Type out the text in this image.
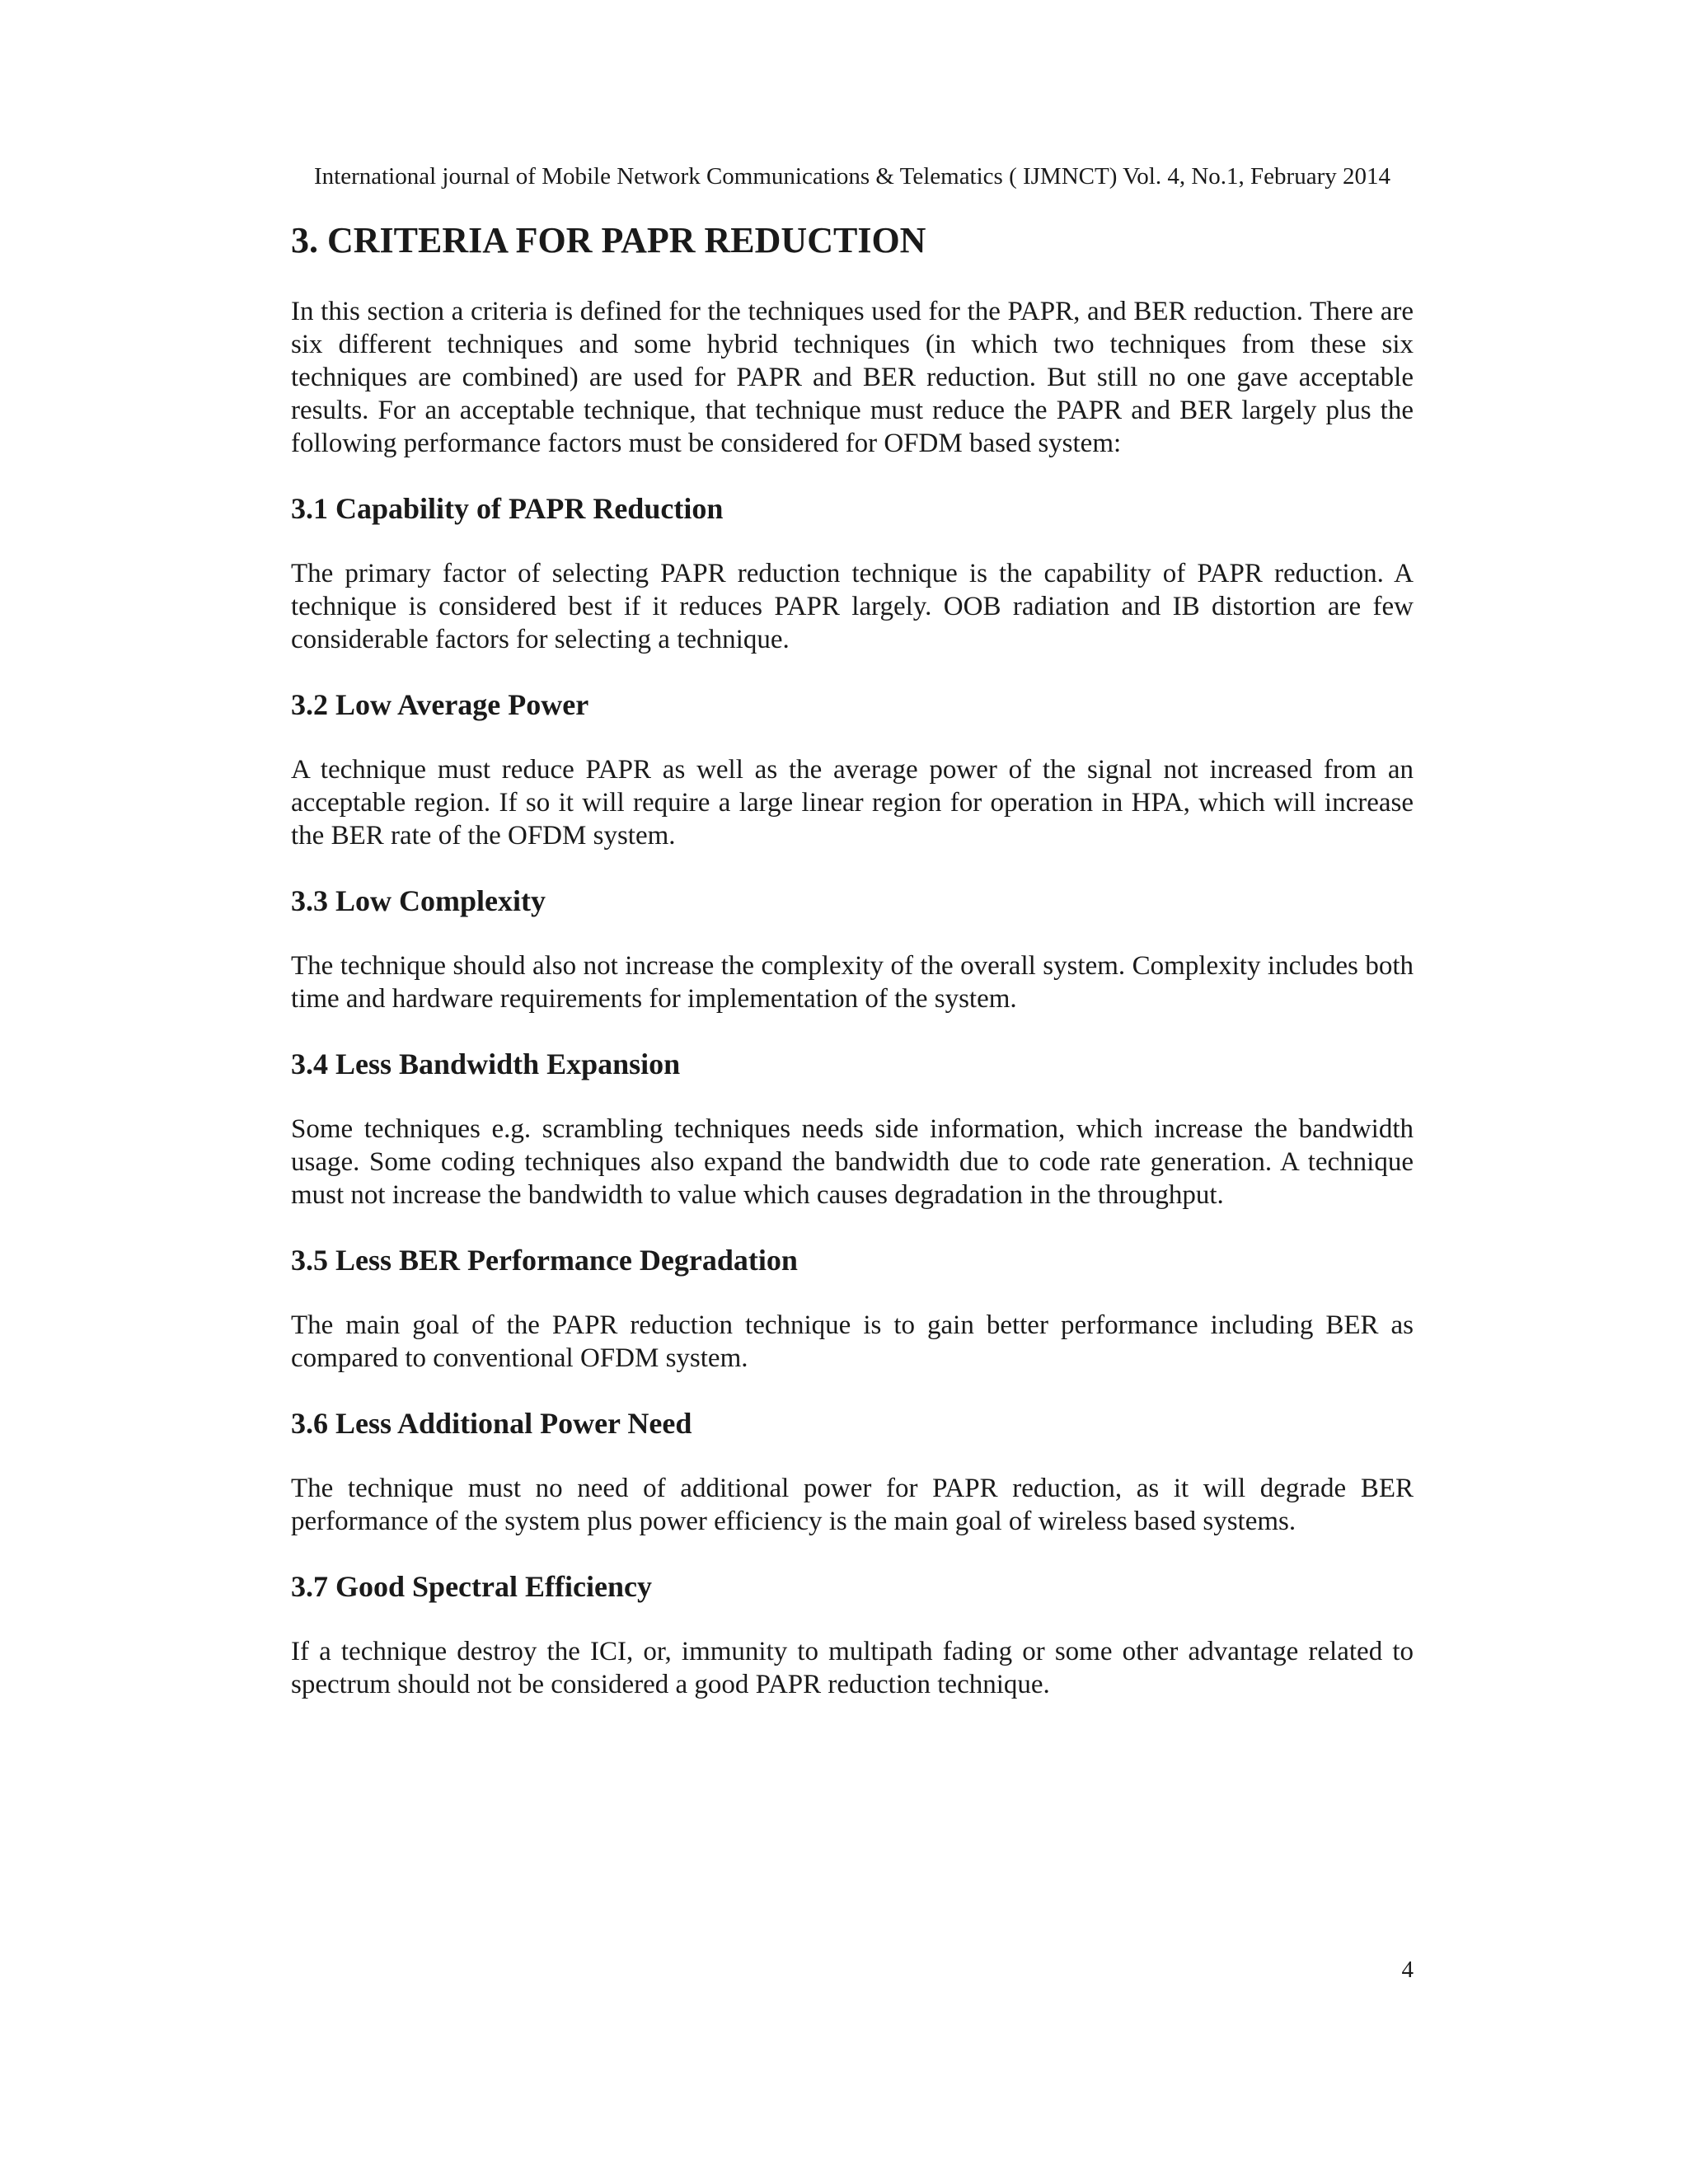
International journal of Mobile Network Communications & Telematics ( IJMNCT) Vol. 4, No.1, February 2014
3. CRITERIA FOR PAPR REDUCTION

In this section a criteria is defined for the techniques used for the PAPR, and BER reduction. There are six different techniques and some hybrid techniques (in which two techniques from these six techniques are combined) are used for PAPR and BER reduction. But still no one gave acceptable results. For an acceptable technique, that technique must reduce the PAPR and BER largely plus the following performance factors must be considered for OFDM based system:

3.1 Capability of PAPR Reduction

The primary factor of selecting PAPR reduction technique is the capability of PAPR reduction. A technique is considered best if it reduces PAPR largely. OOB radiation and IB distortion are few considerable factors for selecting a technique.

3.2 Low Average Power

A technique must reduce PAPR as well as the average power of the signal not increased from an acceptable region. If so it will require a large linear region for operation in HPA, which will increase the BER rate of the OFDM system.

3.3 Low Complexity

The technique should also not increase the complexity of the overall system. Complexity includes both time and hardware requirements for implementation of the system.

3.4 Less Bandwidth Expansion

Some techniques e.g. scrambling techniques needs side information, which increase the bandwidth usage. Some coding techniques also expand the bandwidth due to code rate generation. A technique must not increase the bandwidth to value which causes degradation in the throughput.

3.5 Less BER Performance Degradation

The main goal of the PAPR reduction technique is to gain better performance including BER as compared to conventional OFDM system.

3.6 Less Additional Power Need

The technique must no need of additional power for PAPR reduction, as it will degrade BER performance of the system plus power efficiency is the main goal of wireless based systems.

3.7 Good Spectral Efficiency

If a technique destroy the ICI, or, immunity to multipath fading or some other advantage related to spectrum should not be considered a good PAPR reduction technique.

4
